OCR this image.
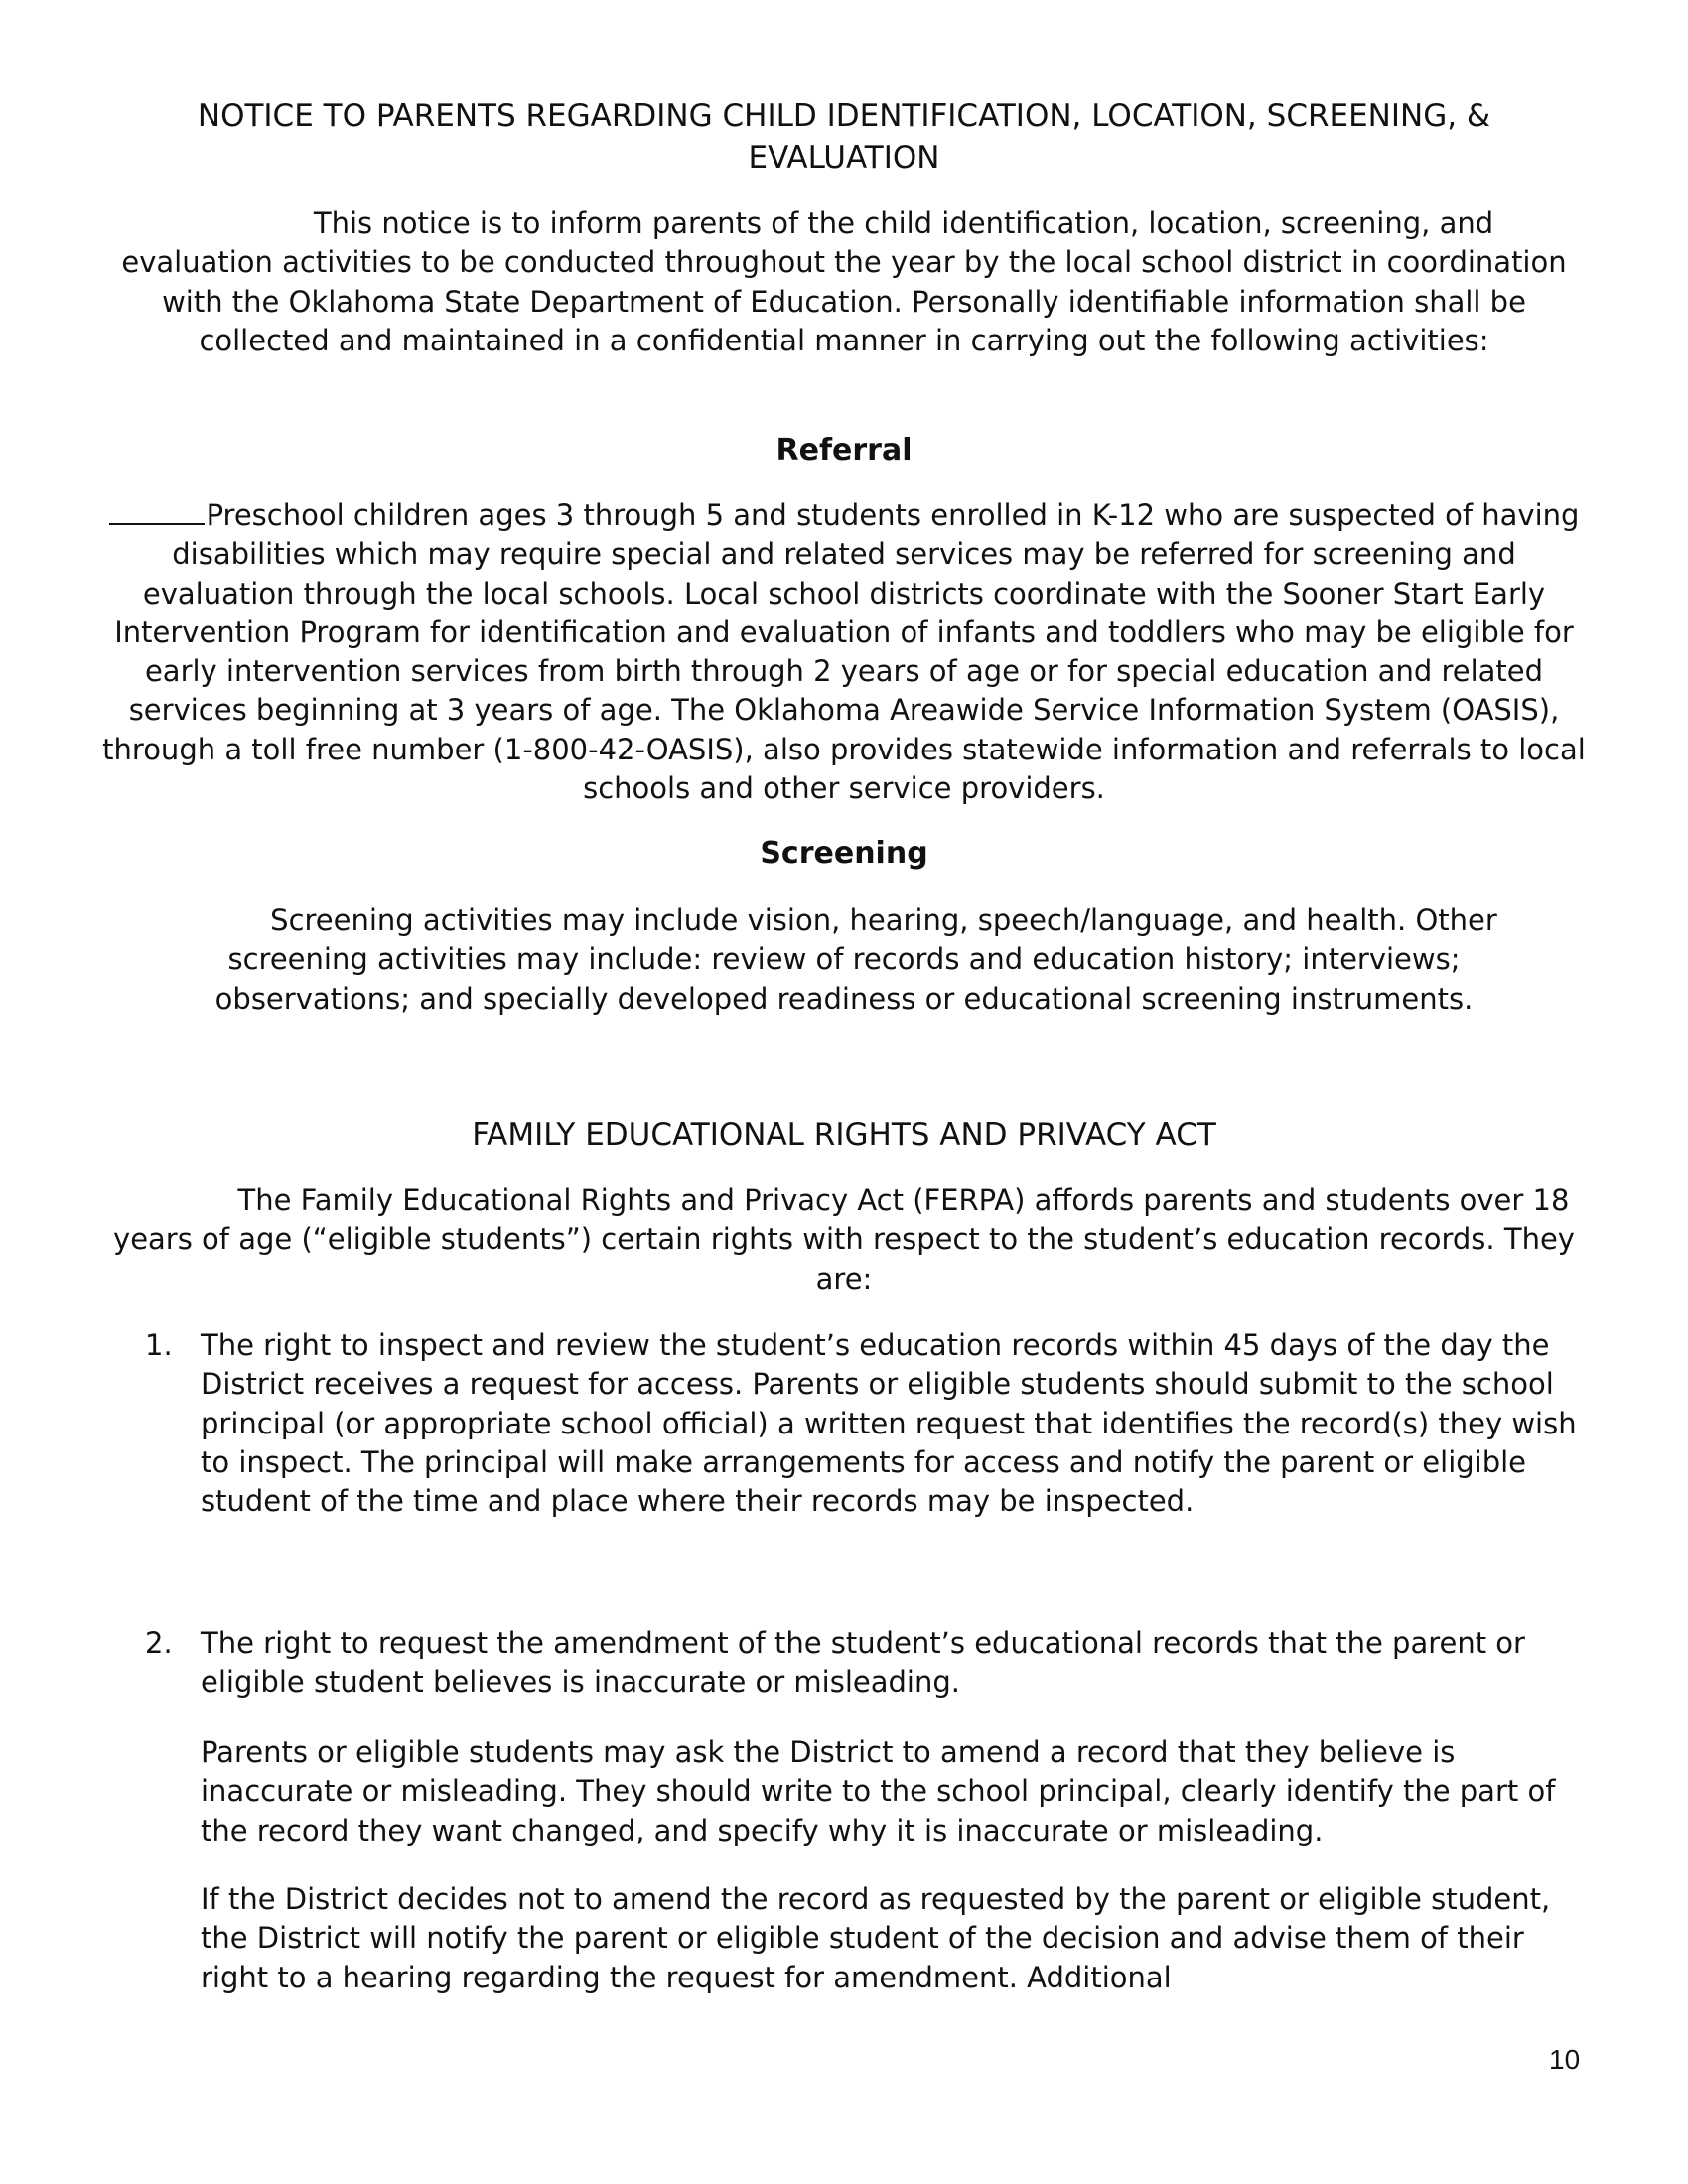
NOTICE TO PARENTS REGARDING CHILD IDENTIFICATION, LOCATION, SCREENING, & EVALUATION

This notice is to inform parents of the child identification, location, screening, and evaluation activities to be conducted throughout the year by the local school district in coordination with the Oklahoma State Department of Education. Personally identifiable information shall be collected and maintained in a confidential manner in carrying out the following activities:

Referral

Preschool children ages 3 through 5 and students enrolled in K-12 who are suspected of having disabilities which may require special and related services may be referred for screening and evaluation through the local schools. Local school districts coordinate with the Sooner Start Early Intervention Program for identification and evaluation of infants and toddlers who may be eligible for early intervention services from birth through 2 years of age or for special education and related services beginning at 3 years of age. The Oklahoma Areawide Service Information System (OASIS), through a toll free number (1-800-42-OASIS), also provides statewide information and referrals to local schools and other service providers.

Screening

Screening activities may include vision, hearing, speech/language, and health. Other screening activities may include: review of records and education history; interviews; observations; and specially developed readiness or educational screening instruments.

FAMILY EDUCATIONAL RIGHTS AND PRIVACY ACT

The Family Educational Rights and Privacy Act (FERPA) affords parents and students over 18 years of age (“eligible students”) certain rights with respect to the student’s education records. They are:

1. The right to inspect and review the student’s education records within 45 days of the day the District receives a request for access. Parents or eligible students should submit to the school principal (or appropriate school official) a written request that identifies the record(s) they wish to inspect. The principal will make arrangements for access and notify the parent or eligible student of the time and place where their records may be inspected.
2. The right to request the amendment of the student’s educational records that the parent or eligible student believes is inaccurate or misleading.

Parents or eligible students may ask the District to amend a record that they believe is inaccurate or misleading. They should write to the school principal, clearly identify the part of the record they want changed, and specify why it is inaccurate or misleading.

If the District decides not to amend the record as requested by the parent or eligible student, the District will notify the parent or eligible student of the decision and advise them of their right to a hearing regarding the request for amendment. Additional

10
